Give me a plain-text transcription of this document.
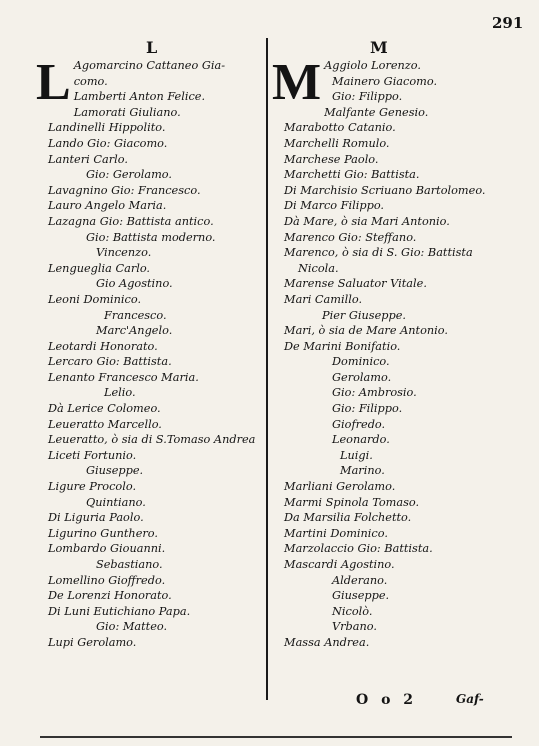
291
L	M
L Agomarcino Cattaneo Gia-
como.
Lamberti Anton Felice.
Lamorati Giuliano.
Landinelli Hippolito.
Lando Gio: Giacomo.
Lanteri Carlo.
Gio: Gerolamo.
Lavagnino Gio: Francesco.
Lauro Angelo Maria.
Lazagna Gio: Battista antico.
Gio: Battista moderno.
Vincenzo.
Lengueglia Carlo.
Gio Agostino.
Leoni Dominico.
Francesco.
Marc'Angelo.
Leotardi Honorato.
Lercaro Gio: Battista.
Lenanto Francesco Maria.
Lelio.
Dà Lerice Colomeo.
Leueratto Marcello.
Leueratto, ò sia di S.Tomaso Andrea
Liceti Fortunio.
Giuseppe.
Ligure Procolo.
Quintiano.
Di Liguria Paolo.
Ligurino Gunthero.
Lombardo Giouanni.
Sebastiano.
Lomellino Gioffredo.
De Lorenzi Honorato.
Di Luni Eutichiano Papa.
Gio: Matteo.
Lupi Gerolamo.
M Aggiolo Lorenzo.
Mainero Giacomo.
Gio: Filippo.
Malfante Genesio.
Marabotto Catanio.
Marchelli Romulo.
Marchese Paolo.
Marchetti Gio: Battista.
Di Marchisio Scriuano Bartolomeo.
Di Marco Filippo.
Dà Mare, ò sia Mari Antonio.
Marenco Gio: Steffano.
Marenco, ò sia di S. Gio: Battista
Nicola.
Marense Saluator Vitale.
Mari Camillo.
Pier Giuseppe.
Mari, ò sia de Mare Antonio.
De Marini Bonifatio.
Dominico.
Gerolamo.
Gio: Ambrosio.
Gio: Filippo.
Giofredo.
Leonardo.
Luigi.
Marino.
Marliani Gerolamo.
Marmi Spinola Tomaso.
Da Marsilia Folchetto.
Martini Dominico.
Marzolaccio Gio: Battista.
Mascardi Agostino.
Alderano.
Giuseppe.
Nicolò.
Vrbano.
Massa Andrea.
O o 2	Gaf-
